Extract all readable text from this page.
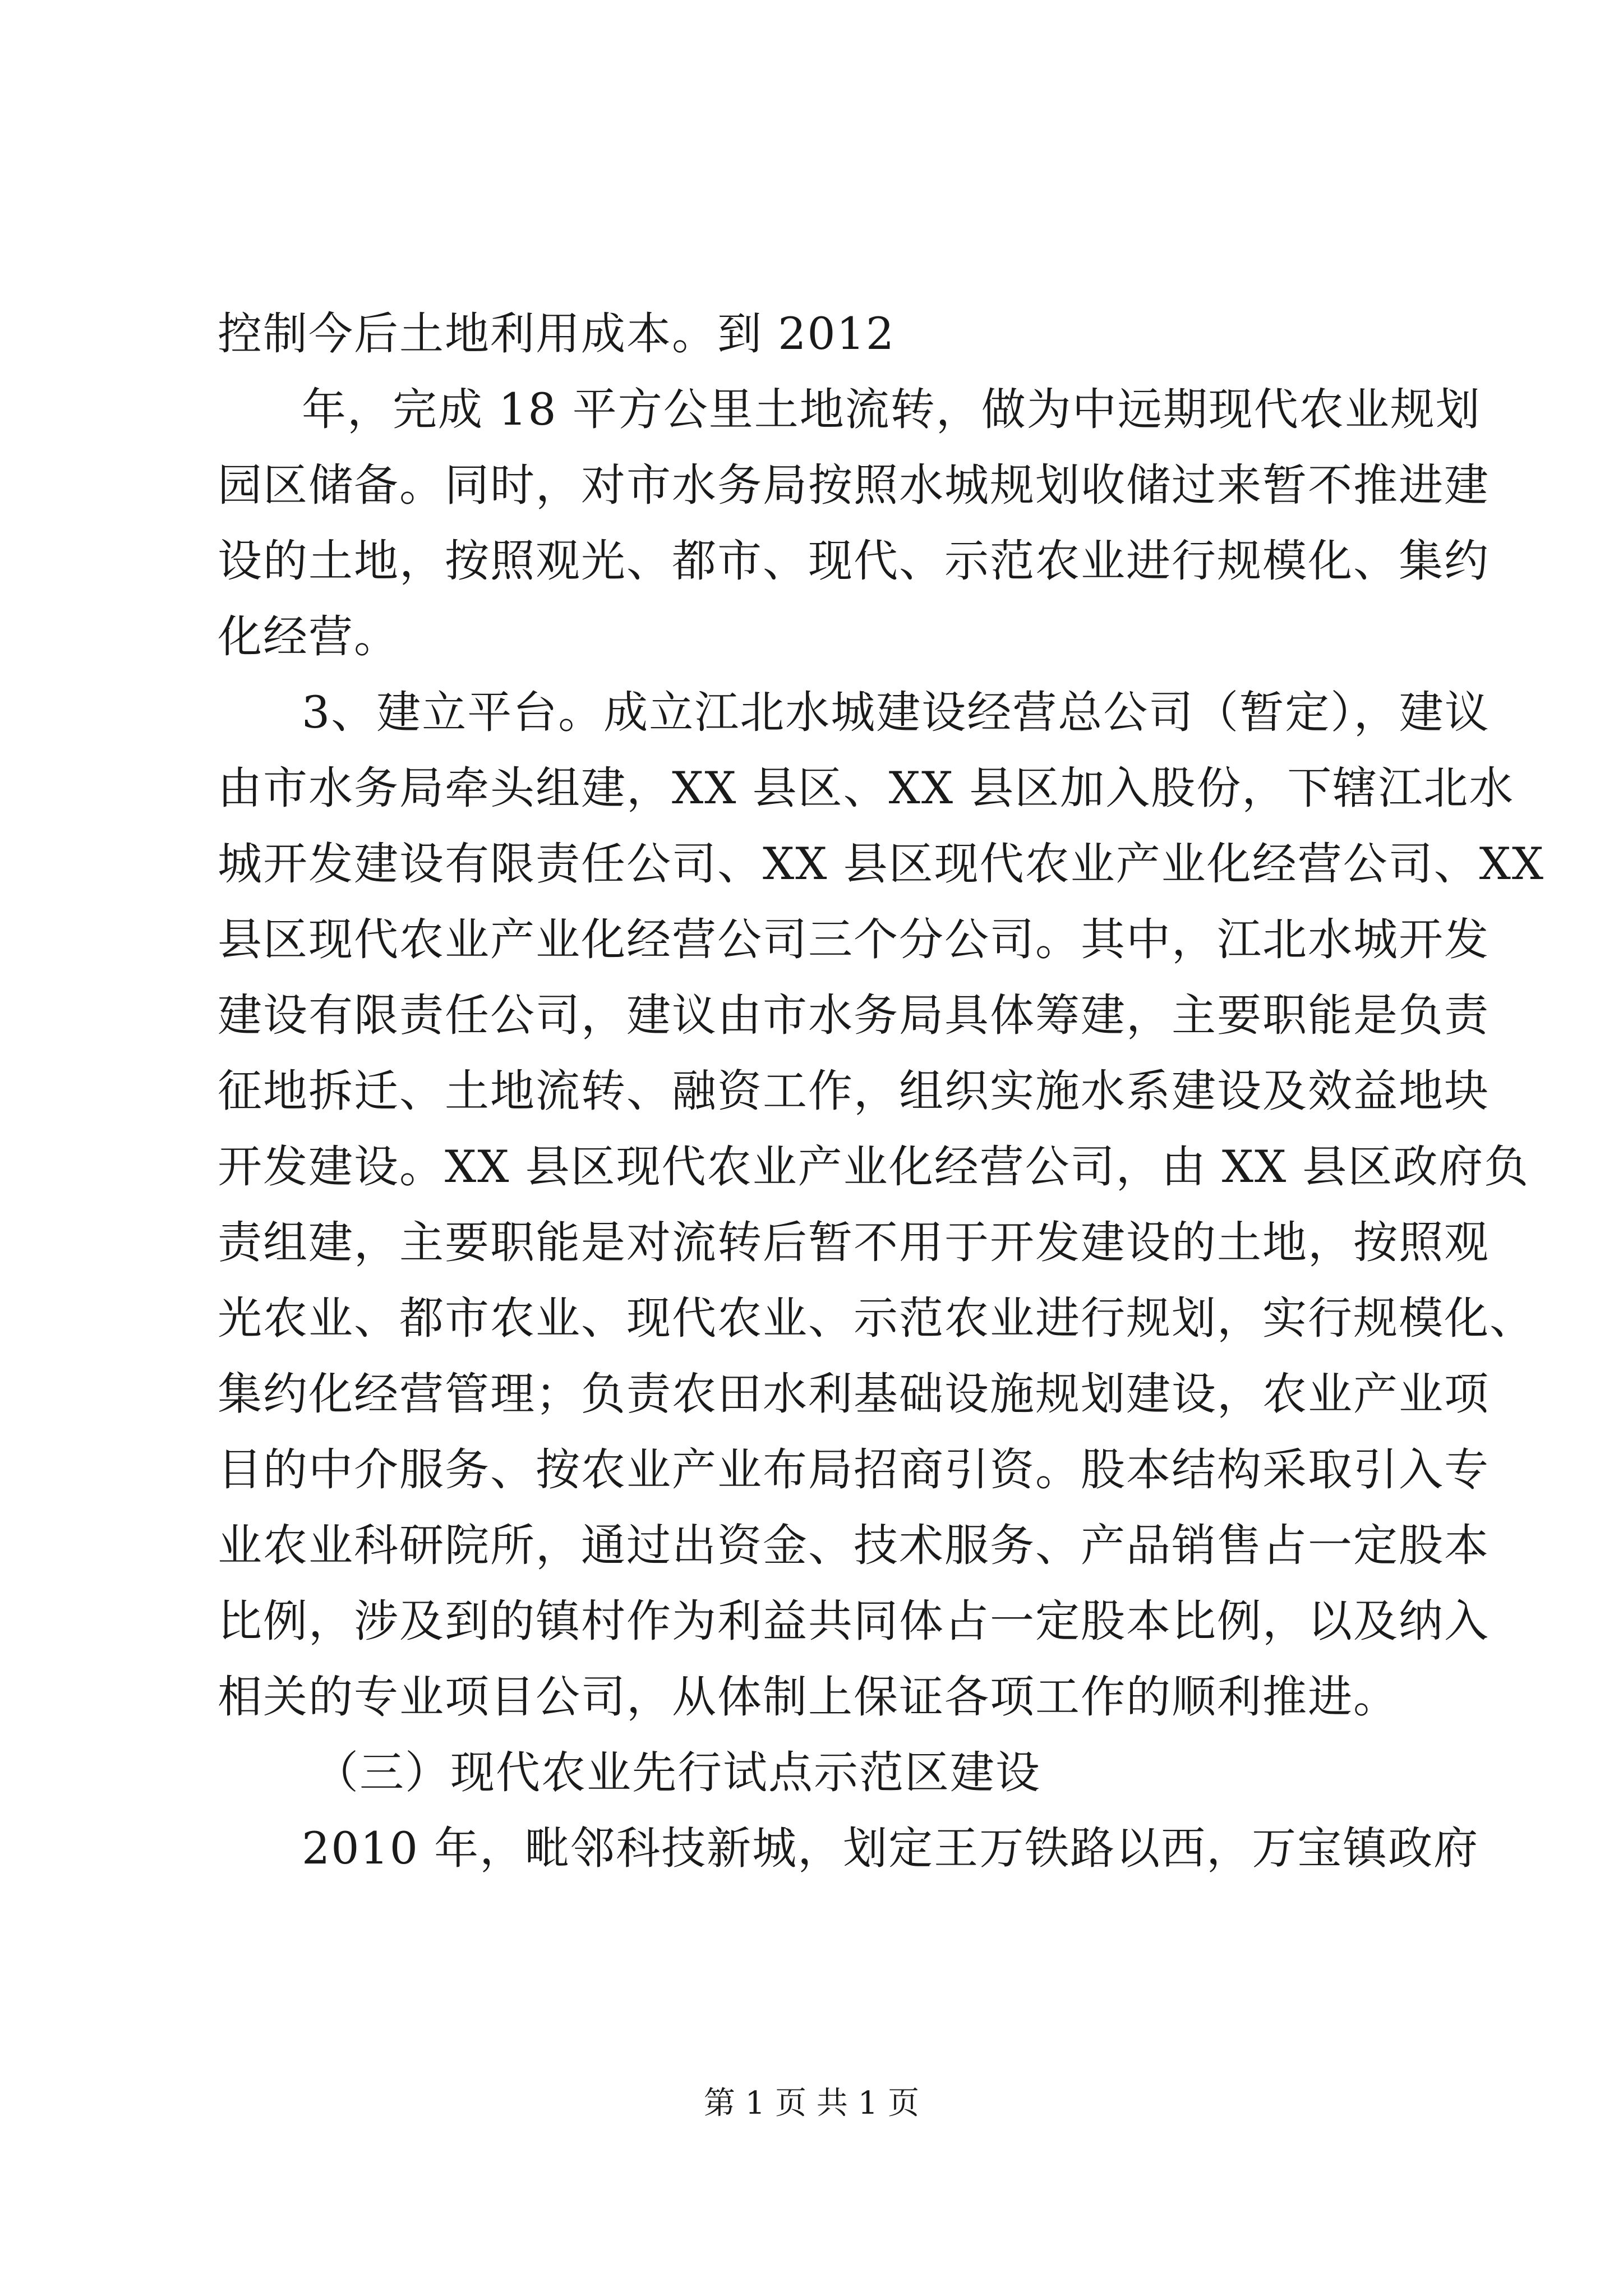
控制今后土地利用成本。到 2012
年，完成 18 平方公里土地流转，做为中远期现代农业规划
园区储备。同时，对市水务局按照水城规划收储过来暂不推进建
设的土地，按照观光、都市、现代、示范农业进行规模化、集约
化经营。
3、建立平台。成立江北水城建设经营总公司（暂定），建议
由市水务局牵头组建，XX 县区、XX 县区加入股份，下辖江北水
城开发建设有限责任公司、XX 县区现代农业产业化经营公司、XX
县区现代农业产业化经营公司三个分公司。其中，江北水城开发
建设有限责任公司，建议由市水务局具体筹建，主要职能是负责
征地拆迁、土地流转、融资工作，组织实施水系建设及效益地块
开发建设。XX 县区现代农业产业化经营公司，由 XX 县区政府负
责组建，主要职能是对流转后暂不用于开发建设的土地，按照观
光农业、都市农业、现代农业、示范农业进行规划，实行规模化、
集约化经营管理；负责农田水利基础设施规划建设，农业产业项
目的中介服务、按农业产业布局招商引资。股本结构采取引入专
业农业科研院所，通过出资金、技术服务、产品销售占一定股本
比例，涉及到的镇村作为利益共同体占一定股本比例，以及纳入
相关的专业项目公司，从体制上保证各项工作的顺利推进。
（三）现代农业先行试点示范区建设
2010 年，毗邻科技新城，划定王万铁路以西，万宝镇政府
第 1 页 共 1 页
